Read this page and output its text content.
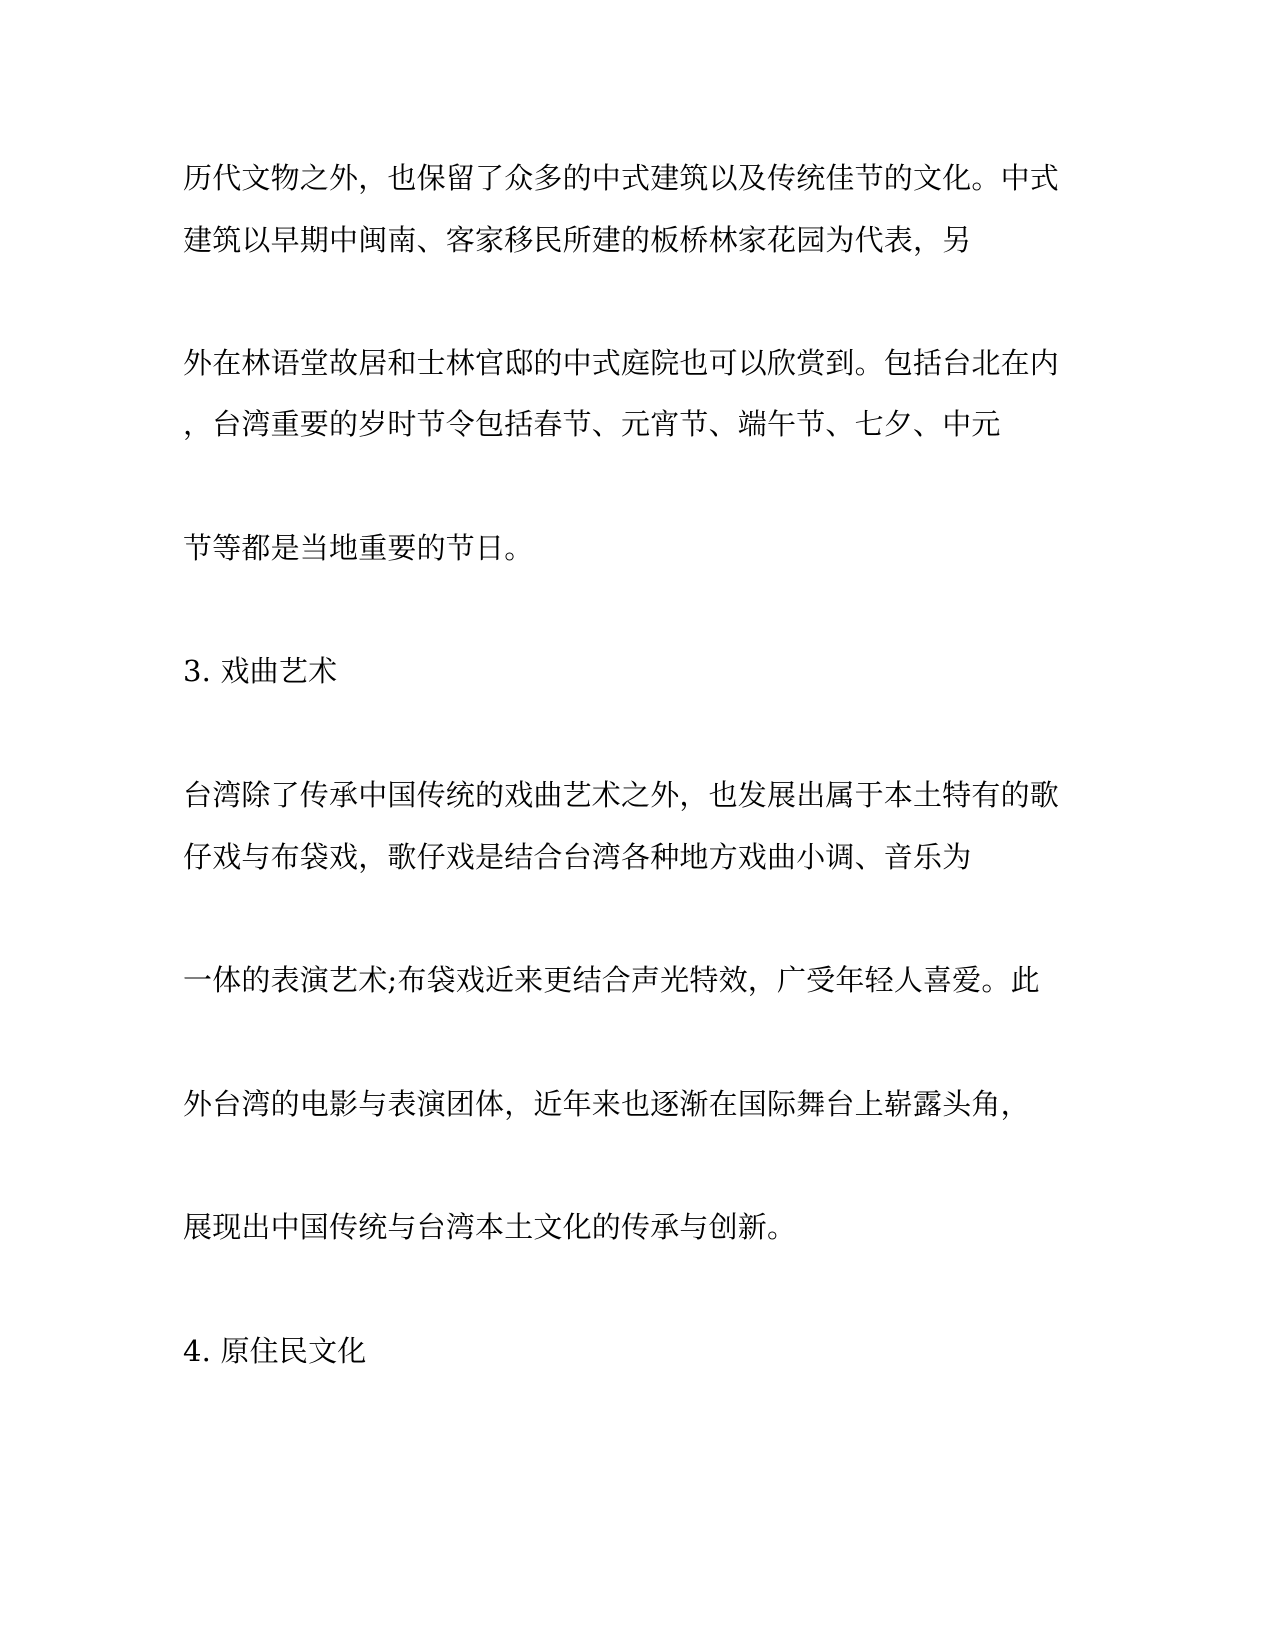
历代文物之外，也保留了众多的中式建筑以及传统佳节的文化。中式
建筑以早期中闽南、客家移民所建的板桥林家花园为代表，另
外在林语堂故居和士林官邸的中式庭院也可以欣赏到。包括台北在内
，台湾重要的岁时节令包括春节、元宵节、端午节、七夕、中元
节等都是当地重要的节日。
3. 戏曲艺术
台湾除了传承中国传统的戏曲艺术之外，也发展出属于本土特有的歌
仔戏与布袋戏，歌仔戏是结合台湾各种地方戏曲小调、音乐为
一体的表演艺术;布袋戏近来更结合声光特效，广受年轻人喜爱。此
外台湾的电影与表演团体，近年来也逐渐在国际舞台上崭露头角，
展现出中国传统与台湾本土文化的传承与创新。
4. 原住民文化
